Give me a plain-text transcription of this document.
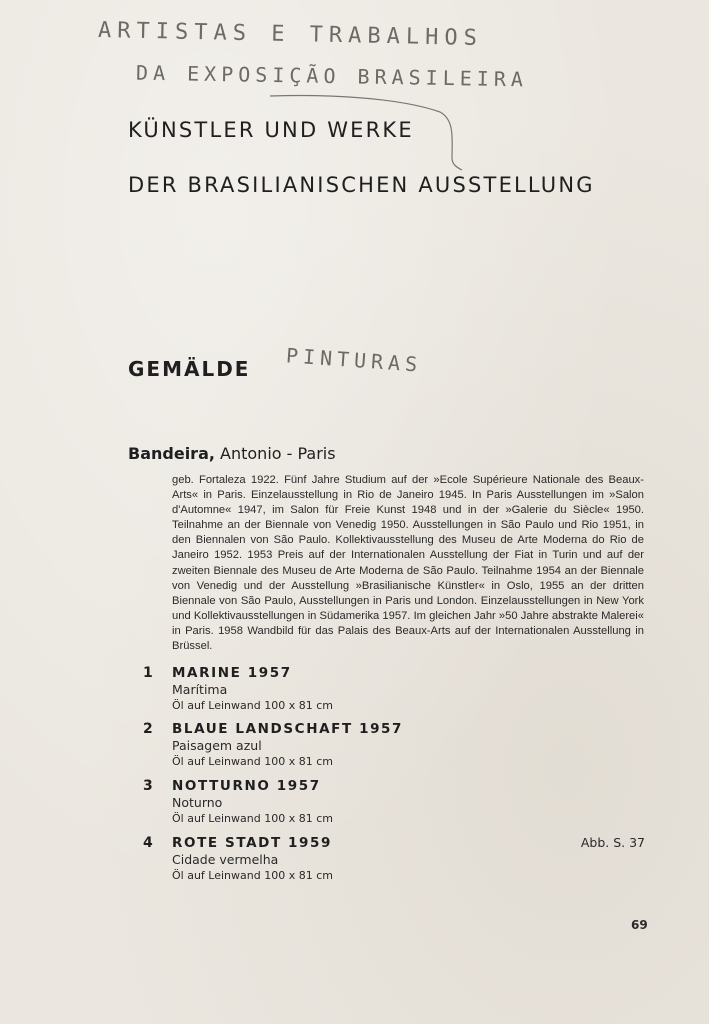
ARTISTAS E TRABALHOS
DA EXPOSIÇÃO BRASILEIRA
PINTURAS
KÜNSTLER UND WERKE
DER BRASILIANISCHEN AUSSTELLUNG
GEMÄLDE
Bandeira, Antonio - Paris
geb. Fortaleza 1922. Fünf Jahre Studium auf der »Ecole Supérieure Nationale des Beaux-Arts« in Paris. Einzelausstellung in Rio de Janeiro 1945. In Paris Ausstellungen im »Salon d'Automne« 1947, im Salon für Freie Kunst 1948 und in der »Galerie du Siècle« 1950. Teilnahme an der Biennale von Venedig 1950. Ausstellungen in São Paulo und Rio 1951, in den Biennalen von São Paulo. Kollektivausstellung des Museu de Arte Moderna do Rio de Janeiro 1952. 1953 Preis auf der Internationalen Ausstellung der Fiat in Turin und auf der zweiten Biennale des Museu de Arte Moderna de São Paulo. Teilnahme 1954 an der Biennale von Venedig und der Ausstellung »Brasilianische Künstler« in Oslo, 1955 an der dritten Biennale von São Paulo, Ausstellungen in Paris und London. Einzelausstellungen in New York und Kollektivausstellungen in Südamerika 1957. Im gleichen Jahr »50 Jahre abstrakte Malerei« in Paris. 1958 Wandbild für das Palais des Beaux-Arts auf der Internationalen Ausstellung in Brüssel.
1 MARINE 1957
Marítima
Öl auf Leinwand 100 x 81 cm
2 BLAUE LANDSCHAFT 1957
Paisagem azul
Öl auf Leinwand 100 x 81 cm
3 NOTTURNO 1957
Noturno
Öl auf Leinwand 100 x 81 cm
4 ROTE STADT 1959
Cidade vermelha
Öl auf Leinwand 100 x 81 cm
Abb. S. 37
69
